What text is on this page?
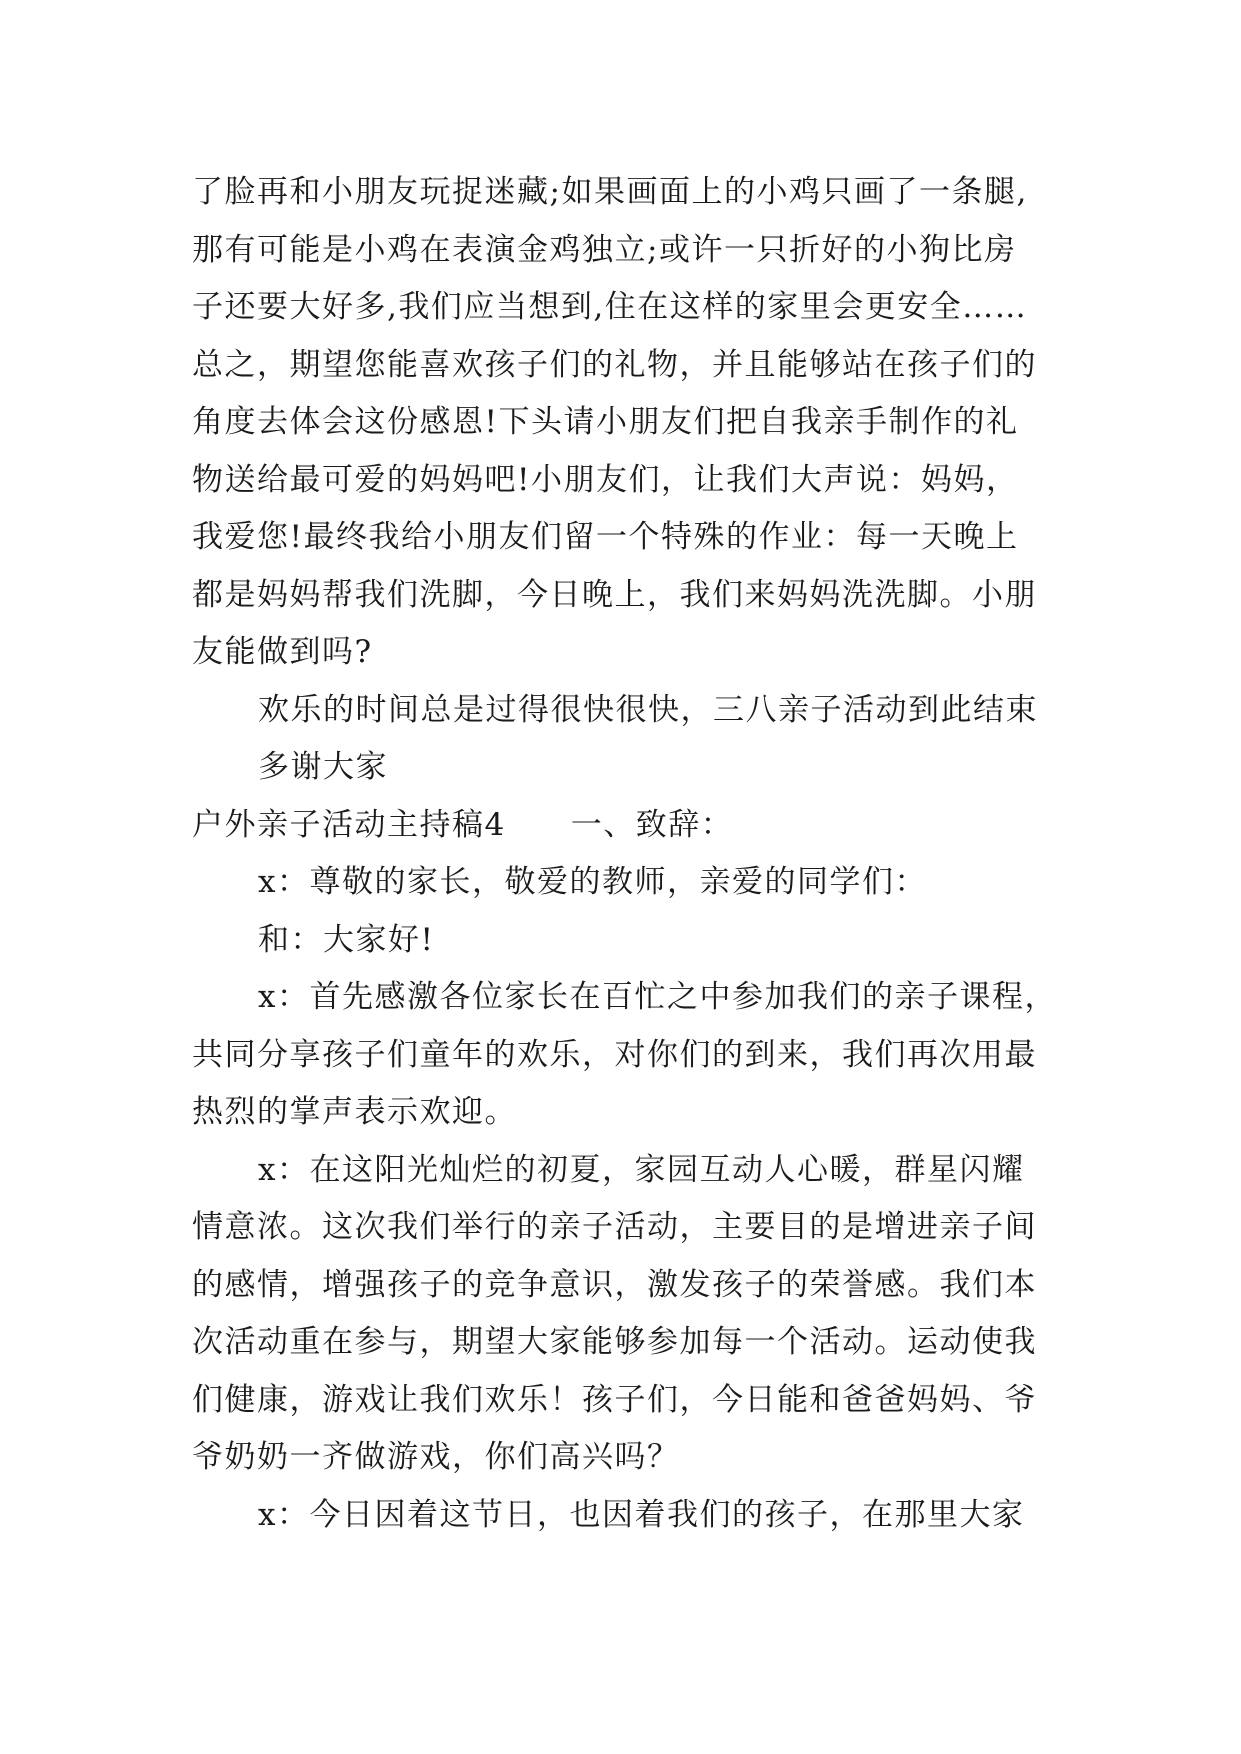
了脸再和小朋友玩捉迷藏;如果画面上的小鸡只画了一条腿,
那有可能是小鸡在表演金鸡独立;或许一只折好的小狗比房
子还要大好多,我们应当想到,住在这样的家里会更安全……
总之，期望您能喜欢孩子们的礼物，并且能够站在孩子们的
角度去体会这份感恩!下头请小朋友们把自我亲手制作的礼
物送给最可爱的妈妈吧!小朋友们，让我们大声说：妈妈，
我爱您!最终我给小朋友们留一个特殊的作业：每一天晚上
都是妈妈帮我们洗脚，今日晚上，我们来妈妈洗洗脚。小朋
友能做到吗?
欢乐的时间总是过得很快很快，三八亲子活动到此结束
多谢大家
户外亲子活动主持稿4　　一、致辞：
x：尊敬的家长，敬爱的教师，亲爱的同学们：
和：大家好!
x：首先感激各位家长在百忙之中参加我们的亲子课程，
共同分享孩子们童年的欢乐，对你们的到来，我们再次用最
热烈的掌声表示欢迎。
x：在这阳光灿烂的初夏，家园互动人心暖，群星闪耀
情意浓。这次我们举行的亲子活动，主要目的是增进亲子间
的感情，增强孩子的竞争意识，激发孩子的荣誉感。我们本
次活动重在参与，期望大家能够参加每一个活动。运动使我
们健康，游戏让我们欢乐！孩子们，今日能和爸爸妈妈、爷
爷奶奶一齐做游戏，你们高兴吗？
x：今日因着这节日，也因着我们的孩子，在那里大家
